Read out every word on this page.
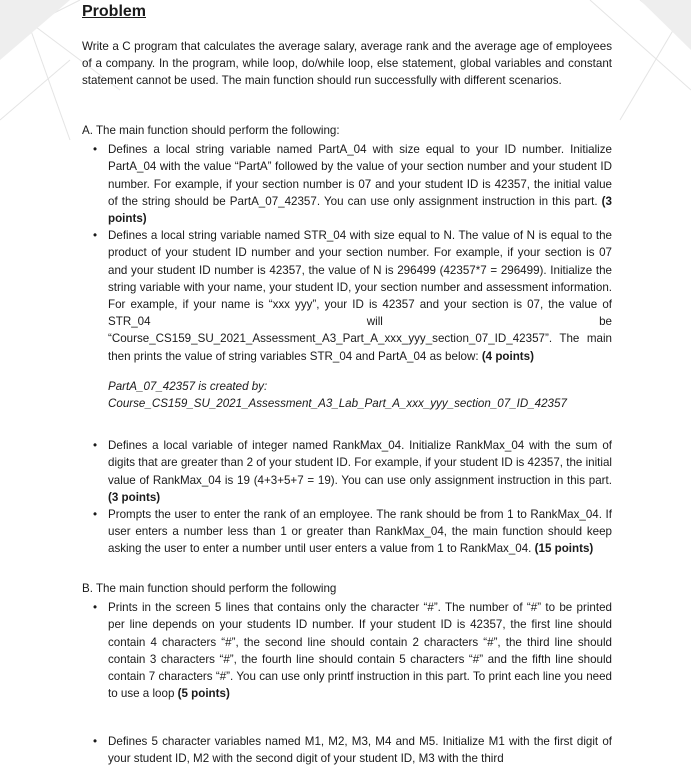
Problem

Write a C program that calculates the average salary, average rank and the average age of employees of a company. In the program, while loop, do/while loop, else statement, global variables and constant statement cannot be used. The main function should run successfully with different scenarios.

A. The main function should perform the following:
• Defines a local string variable named PartA_04 with size equal to your ID number. Initialize PartA_04 with the value “PartA” followed by the value of your section number and your student ID number. For example, if your section number is 07 and your student ID is 42357, the initial value of the string should be PartA_07_42357. You can use only assignment instruction in this part. (3 points)
• Defines a local string variable named STR_04 with size equal to N. The value of N is equal to the product of your student ID number and your section number. For example, if your section is 07 and your student ID number is 42357, the value of N is 296499 (42357*7 = 296499). Initialize the string variable with your name, your student ID, your section number and assessment information. For example, if your name is “xxx yyy”, your ID is 42357 and your section is 07, the value of STR_04 will be “Course_CS159_SU_2021_Assessment_A3_Part_A_xxx_yyy_section_07_ID_42357”. The main then prints the value of string variables STR_04 and PartA_04 as below: (4 points)
PartA_07_42357 is created by:
Course_CS159_SU_2021_Assessment_A3_Lab_Part_A_xxx_yyy_section_07_ID_42357
• Defines a local variable of integer named RankMax_04. Initialize RankMax_04 with the sum of digits that are greater than 2 of your student ID. For example, if your student ID is 42357, the initial value of RankMax_04 is 19 (4+3+5+7 = 19). You can use only assignment instruction in this part. (3 points)
• Prompts the user to enter the rank of an employee. The rank should be from 1 to RankMax_04. If user enters a number less than 1 or greater than RankMax_04, the main function should keep asking the user to enter a number until user enters a value from 1 to RankMax_04. (15 points)
B. The main function should perform the following
• Prints in the screen 5 lines that contains only the character “#”. The number of “#” to be printed per line depends on your students ID number. If your student ID is 42357, the first line should contain 4 characters “#”, the second line should contain 2 characters “#”, the third line should contain 3 characters “#”, the fourth line should contain 5 characters “#” and the fifth line should contain 7 characters “#”. You can use only printf instruction in this part. To print each line you need to use a loop (5 points)
• Defines 5 character variables named M1, M2, M3, M4 and M5. Initialize M1 with the first digit of your student ID, M2 with the second digit of your student ID, M3 with the third
